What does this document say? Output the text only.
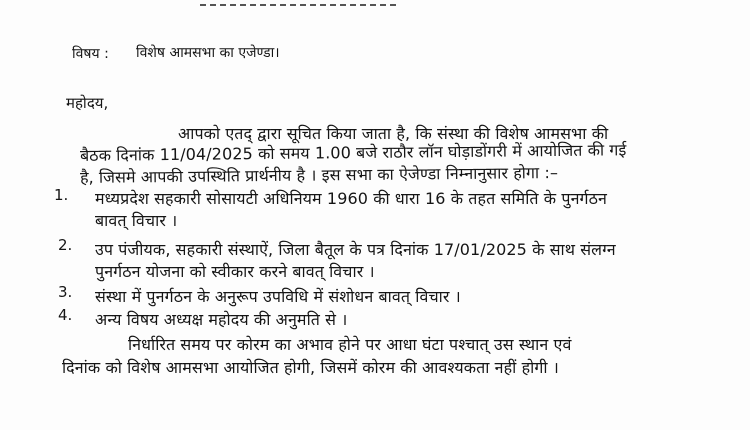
विषय : विशेष आमसभा का एजेण्डा।
महोदय,
आपको एतद् द्वारा सूचित किया जाता है, कि संस्था की विशेष आमसभा की
बैठक दिनांक 11/04/2025 को समय 1.00 बजे राठौर लॉन घोड़ाडोंगरी में आयोजित की गई
है, जिसमे आपकी उपस्थिति प्रार्थनीय है । इस सभा का ऐजेण्डा निम्नानुसार होगा :–
1. मध्यप्रदेश सहकारी सोसायटी अधिनियम 1960 की धारा 16 के तहत समिति के पुनर्गठन
बावत् विचार ।
2. उप पंजीयक, सहकारी संस्थाऐं, जिला बैतूल के पत्र दिनांक 17/01/2025 के साथ संलग्न
पुनर्गठन योजना को स्वीकार करने बावत् विचार ।
3. संस्था में पुनर्गठन के अनुरूप उपविधि में संशोधन बावत् विचार ।
4. अन्य विषय अध्यक्ष महोदय की अनुमति से ।
निर्धारित समय पर कोरम का अभाव होने पर आधा घंटा पश्चात् उस स्थान एवं
दिनांक को विशेष आमसभा आयोजित होगी, जिसमें कोरम की आवश्यकता नहीं होगी ।
